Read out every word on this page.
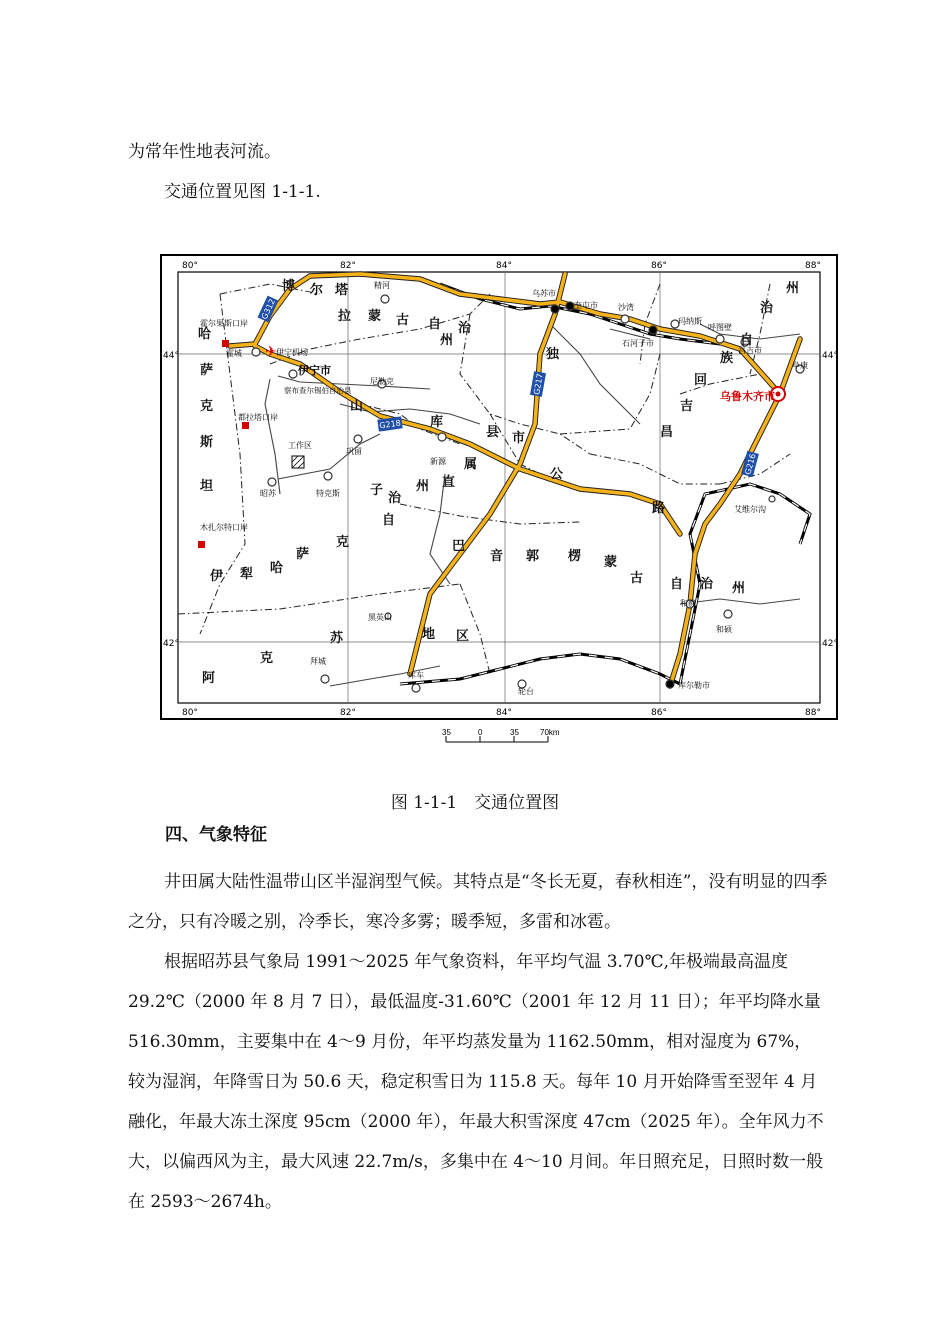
为常年性地表河流。

交通位置见图 1-1-1.

80°	82°	84°	86°	88°
80°	82°	84°	86°	88°
44°
42°
44°
42°
G312
G218
G217
G216
✈
霍尔果斯口岸
霍城	伊宁机场
伊宁市
察布查尔锡伯自治县
精河
乌苏市
奎屯市	沙湾
石河子市
玛纳斯
呼图壁
昌吉市
阜康
乌鲁木齐市
尼勒克
巩留
新源
工作区
昭苏	特克斯
都拉塔口岸
木扎尔特口岸
黑英山
拜城
库车
轮台
库尔勒市
和静
和硕
艾维尔沟
博 尔 塔
拉 蒙 古 自 治
州
哈
萨
克
斯
坦
伊 犁 哈
萨
克
自
治
州
巴
音 郭 楞 蒙
古 自 治 州
阿
克
苏	地 区
独
山
子
库
县 市
属
直
公
路
昌
吉
回
族
自
治
州
35	0	35	70km
图 1-1-1　交通位置图
四、气象特征

井田属大陆性温带山区半湿润型气候。其特点是“冬长无夏，春秋相连”，没有明显的四季之分，只有冷暖之别，冷季长，寒冷多雾；暖季短，多雷和冰雹。

根据昭苏县气象局 1991～2025 年气象资料，年平均气温 3.70℃,年极端最高温度 29.2℃（2000 年 8 月 7 日），最低温度-31.60℃（2001 年 12 月 11 日）；年平均降水量 516.30mm，主要集中在 4～9 月份，年平均蒸发量为 1162.50mm，相对湿度为 67%，较为湿润，年降雪日为 50.6 天，稳定积雪日为 115.8 天。每年 10 月开始降雪至翌年 4 月融化，年最大冻土深度 95cm（2000 年），年最大积雪深度 47cm（2025 年）。全年风力不大，以偏西风为主，最大风速 22.7m/s，多集中在 4～10 月间。年日照充足，日照时数一般在 2593～2674h。
